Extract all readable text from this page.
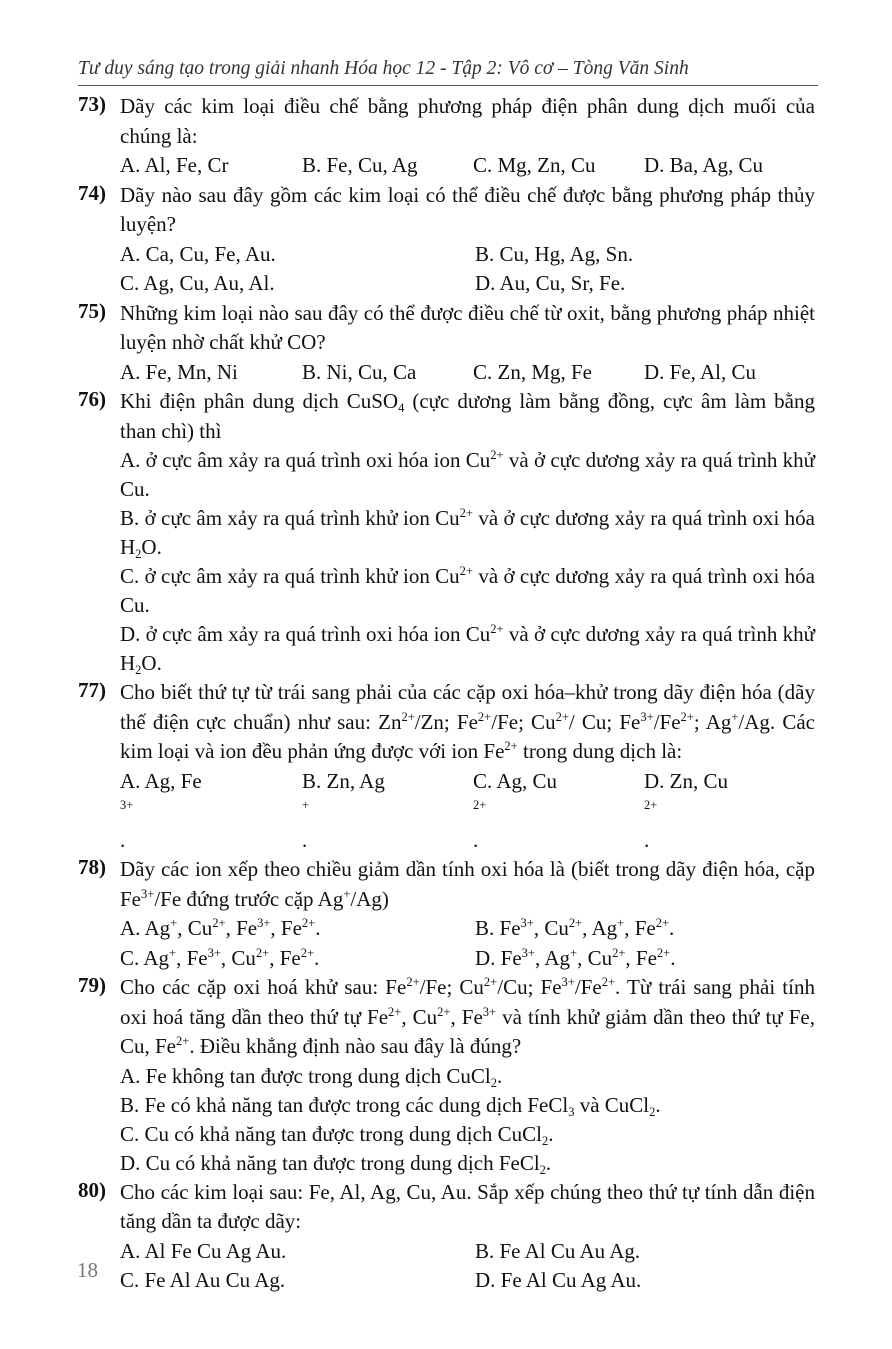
Tư duy sáng tạo trong giải nhanh Hóa học 12 - Tập 2: Vô cơ – Tòng Văn Sinh
73) Dãy các kim loại điều chế bằng phương pháp điện phân dung dịch muối của chúng là:
A. Al, Fe, Cr	B. Fe, Cu, Ag	C. Mg, Zn, Cu	D. Ba, Ag, Cu
74) Dãy nào sau đây gồm các kim loại có thể điều chế được bằng phương pháp thủy luyện?
A. Ca, Cu, Fe, Au.	B. Cu, Hg, Ag, Sn.
C. Ag, Cu, Au, Al.	D. Au, Cu, Sr, Fe.
75) Những kim loại nào sau đây có thể được điều chế từ oxit, bằng phương pháp nhiệt luyện nhờ chất khử CO?
A. Fe, Mn, Ni	B. Ni, Cu, Ca	C. Zn, Mg, Fe	D. Fe, Al, Cu
76) Khi điện phân dung dịch CuSO$_4$ (cực dương làm bằng đồng, cực âm làm bằng than chì) thì
A. ở cực âm xảy ra quá trình oxi hóa ion $Cu^{2+}$ và ở cực dương xảy ra quá trình khử Cu.
B. ở cực âm xảy ra quá trình khử ion $Cu^{2+}$ và ở cực dương xảy ra quá trình oxi hóa $H_2O$.
C. ở cực âm xảy ra quá trình khử ion $Cu^{2+}$ và ở cực dương xảy ra quá trình oxi hóa Cu.
D. ở cực âm xảy ra quá trình oxi hóa ion $Cu^{2+}$ và ở cực dương xảy ra quá trình khử $H_2O$.
77) Cho biết thứ tự từ trái sang phải của các cặp oxi hóa–khử trong dãy điện hóa (dãy thế điện cực chuẩn) như sau: $Zn^{2+}/Zn$; $Fe^{2+}/Fe$; $Cu^{2+}/$ Cu; $Fe^{3+}/Fe^{2+}$; Ag+/Ag. Các kim loại và ion đều phản ứng được với ion $Fe^{2+}$ trong dung dịch là:
A. Ag, Fe
$^{3+}$
.
B. Zn, Ag
+
.
C. Ag, Cu
$^{2+}$
.
D. Zn, Cu
$^{2+}$
.
78) Dãy các ion xếp theo chiều giảm dần tính oxi hóa là (biết trong dãy điện hóa, cặp $Fe^{3+}/Fe$ đứng trước cặp Ag+/Ag)
A. Ag+, $Cu^{2+}$, $Fe^{3+}$, $Fe^{2+}$.	B. $Fe^{3+}$, $Cu^{2+}$, Ag+, $Fe^{2+}$.
C. Ag+, $Fe^{3+}$, $Cu^{2+}$, $Fe^{2+}$.	D. $Fe^{3+}$, Ag+, $Cu^{2+}$, $Fe^{2+}$.
79) Cho các cặp oxi hoá khử sau: $Fe^{2+}/Fe$; $Cu^{2+}/Cu$; $Fe^{3+}/Fe^{2+}$. Từ trái sang phải tính oxi hoá tăng dần theo thứ tự $Fe^{2+}$, $Cu^{2+}$, $Fe^{3+}$ và tính khử giảm dần theo thứ tự Fe, Cu, $Fe^{2+}$. Điều khẳng định nào sau đây là đúng?
A. Fe không tan được trong dung dịch CuCl$_2$.
B. Fe có khả năng tan được trong các dung dịch FeCl$_3$ và CuCl$_2$.
C. Cu có khả năng tan được trong dung dịch CuCl$_2$.
D. Cu có khả năng tan được trong dung dịch FeCl$_2$.
80) Cho các kim loại sau: Fe, Al, Ag, Cu, Au. Sắp xếp chúng theo thứ tự tính dẫn điện tăng dần ta được dãy:
A. Al Fe Cu Ag Au.	B. Fe Al Cu Au Ag.
C. Fe Al Au Cu Ag.	D. Fe Al Cu Ag Au.
18
